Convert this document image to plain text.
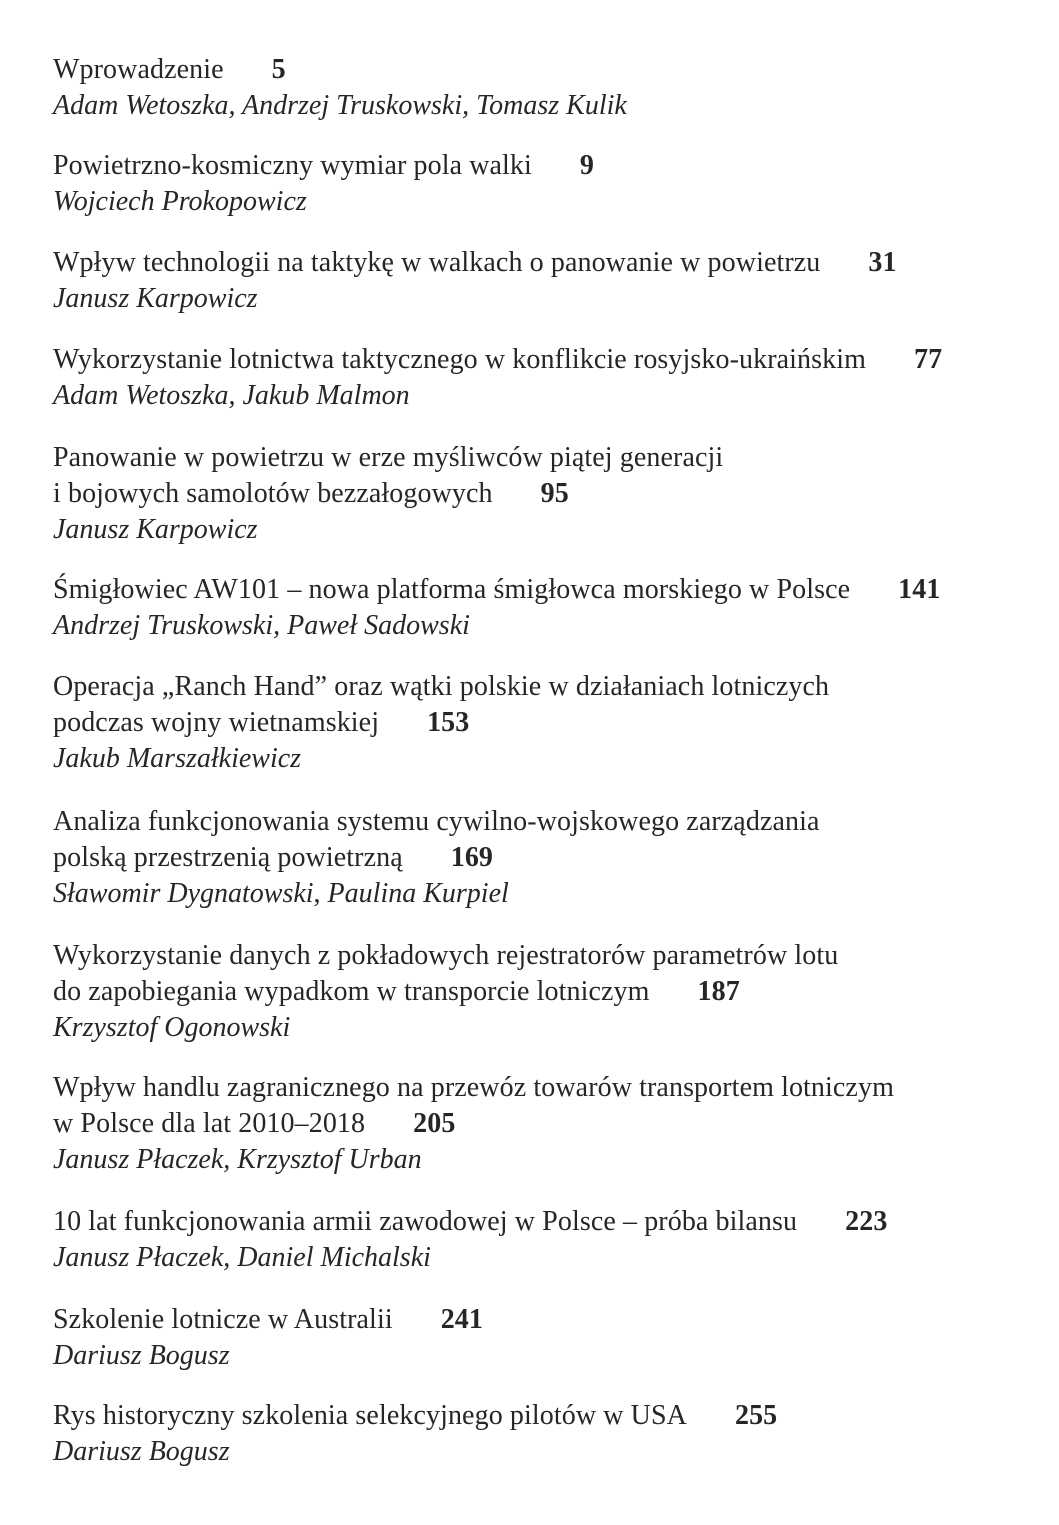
Wprowadzenie 5
Adam Wetoszka, Andrzej Truskowski, Tomasz Kulik
Powietrzno-kosmiczny wymiar pola walki 9
Wojciech Prokopowicz
Wpływ technologii na taktykę w walkach o panowanie w powietrzu 31
Janusz Karpowicz
Wykorzystanie lotnictwa taktycznego w konflikcie rosyjsko-ukraińskim 77
Adam Wetoszka, Jakub Malmon
Panowanie w powietrzu w erze myśliwców piątej generacji
i bojowych samolotów bezzałogowych 95
Janusz Karpowicz
Śmigłowiec AW101 – nowa platforma śmigłowca morskiego w Polsce 141
Andrzej Truskowski, Paweł Sadowski
Operacja „Ranch Hand” oraz wątki polskie w działaniach lotniczych
podczas wojny wietnamskiej 153
Jakub Marszałkiewicz
Analiza funkcjonowania systemu cywilno-wojskowego zarządzania
polską przestrzenią powietrzną 169
Sławomir Dygnatowski, Paulina Kurpiel
Wykorzystanie danych z pokładowych rejestratorów parametrów lotu
do zapobiegania wypadkom w transporcie lotniczym 187
Krzysztof Ogonowski
Wpływ handlu zagranicznego na przewóz towarów transportem lotniczym
w Polsce dla lat 2010–2018 205
Janusz Płaczek, Krzysztof Urban
10 lat funkcjonowania armii zawodowej w Polsce – próba bilansu 223
Janusz Płaczek, Daniel Michalski
Szkolenie lotnicze w Australii 241
Dariusz Bogusz
Rys historyczny szkolenia selekcyjnego pilotów w USA 255
Dariusz Bogusz
